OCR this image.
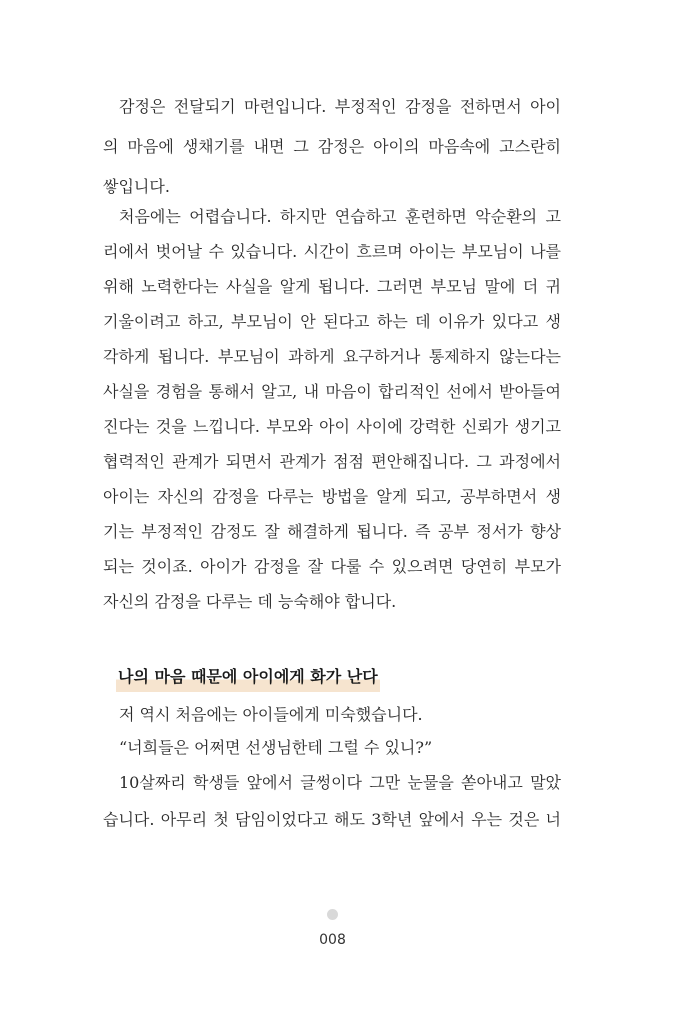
감정은 전달되기 마련입니다. 부정적인 감정을 전하면서 아이
의 마음에 생채기를 내면 그 감정은 아이의 마음속에 고스란히
쌓입니다.
처음에는 어렵습니다. 하지만 연습하고 훈련하면 악순환의 고
리에서 벗어날 수 있습니다. 시간이 흐르며 아이는 부모님이 나를
위해 노력한다는 사실을 알게 됩니다. 그러면 부모님 말에 더 귀
기울이려고 하고, 부모님이 안 된다고 하는 데 이유가 있다고 생
각하게 됩니다. 부모님이 과하게 요구하거나 통제하지 않는다는
사실을 경험을 통해서 알고, 내 마음이 합리적인 선에서 받아들여
진다는 것을 느낍니다. 부모와 아이 사이에 강력한 신뢰가 생기고
협력적인 관계가 되면서 관계가 점점 편안해집니다. 그 과정에서
아이는 자신의 감정을 다루는 방법을 알게 되고, 공부하면서 생
기는 부정적인 감정도 잘 해결하게 됩니다. 즉 공부 정서가 향상
되는 것이죠. 아이가 감정을 잘 다룰 수 있으려면 당연히 부모가
자신의 감정을 다루는 데 능숙해야 합니다.
나의 마음 때문에 아이에게 화가 난다
저 역시 처음에는 아이들에게 미숙했습니다.
“너희들은 어쩌면 선생님한테 그럴 수 있니?”
10살짜리 학생들 앞에서 글썽이다 그만 눈물을 쏟아내고 말았
습니다. 아무리 첫 담임이었다고 해도 3학년 앞에서 우는 것은 너
008
